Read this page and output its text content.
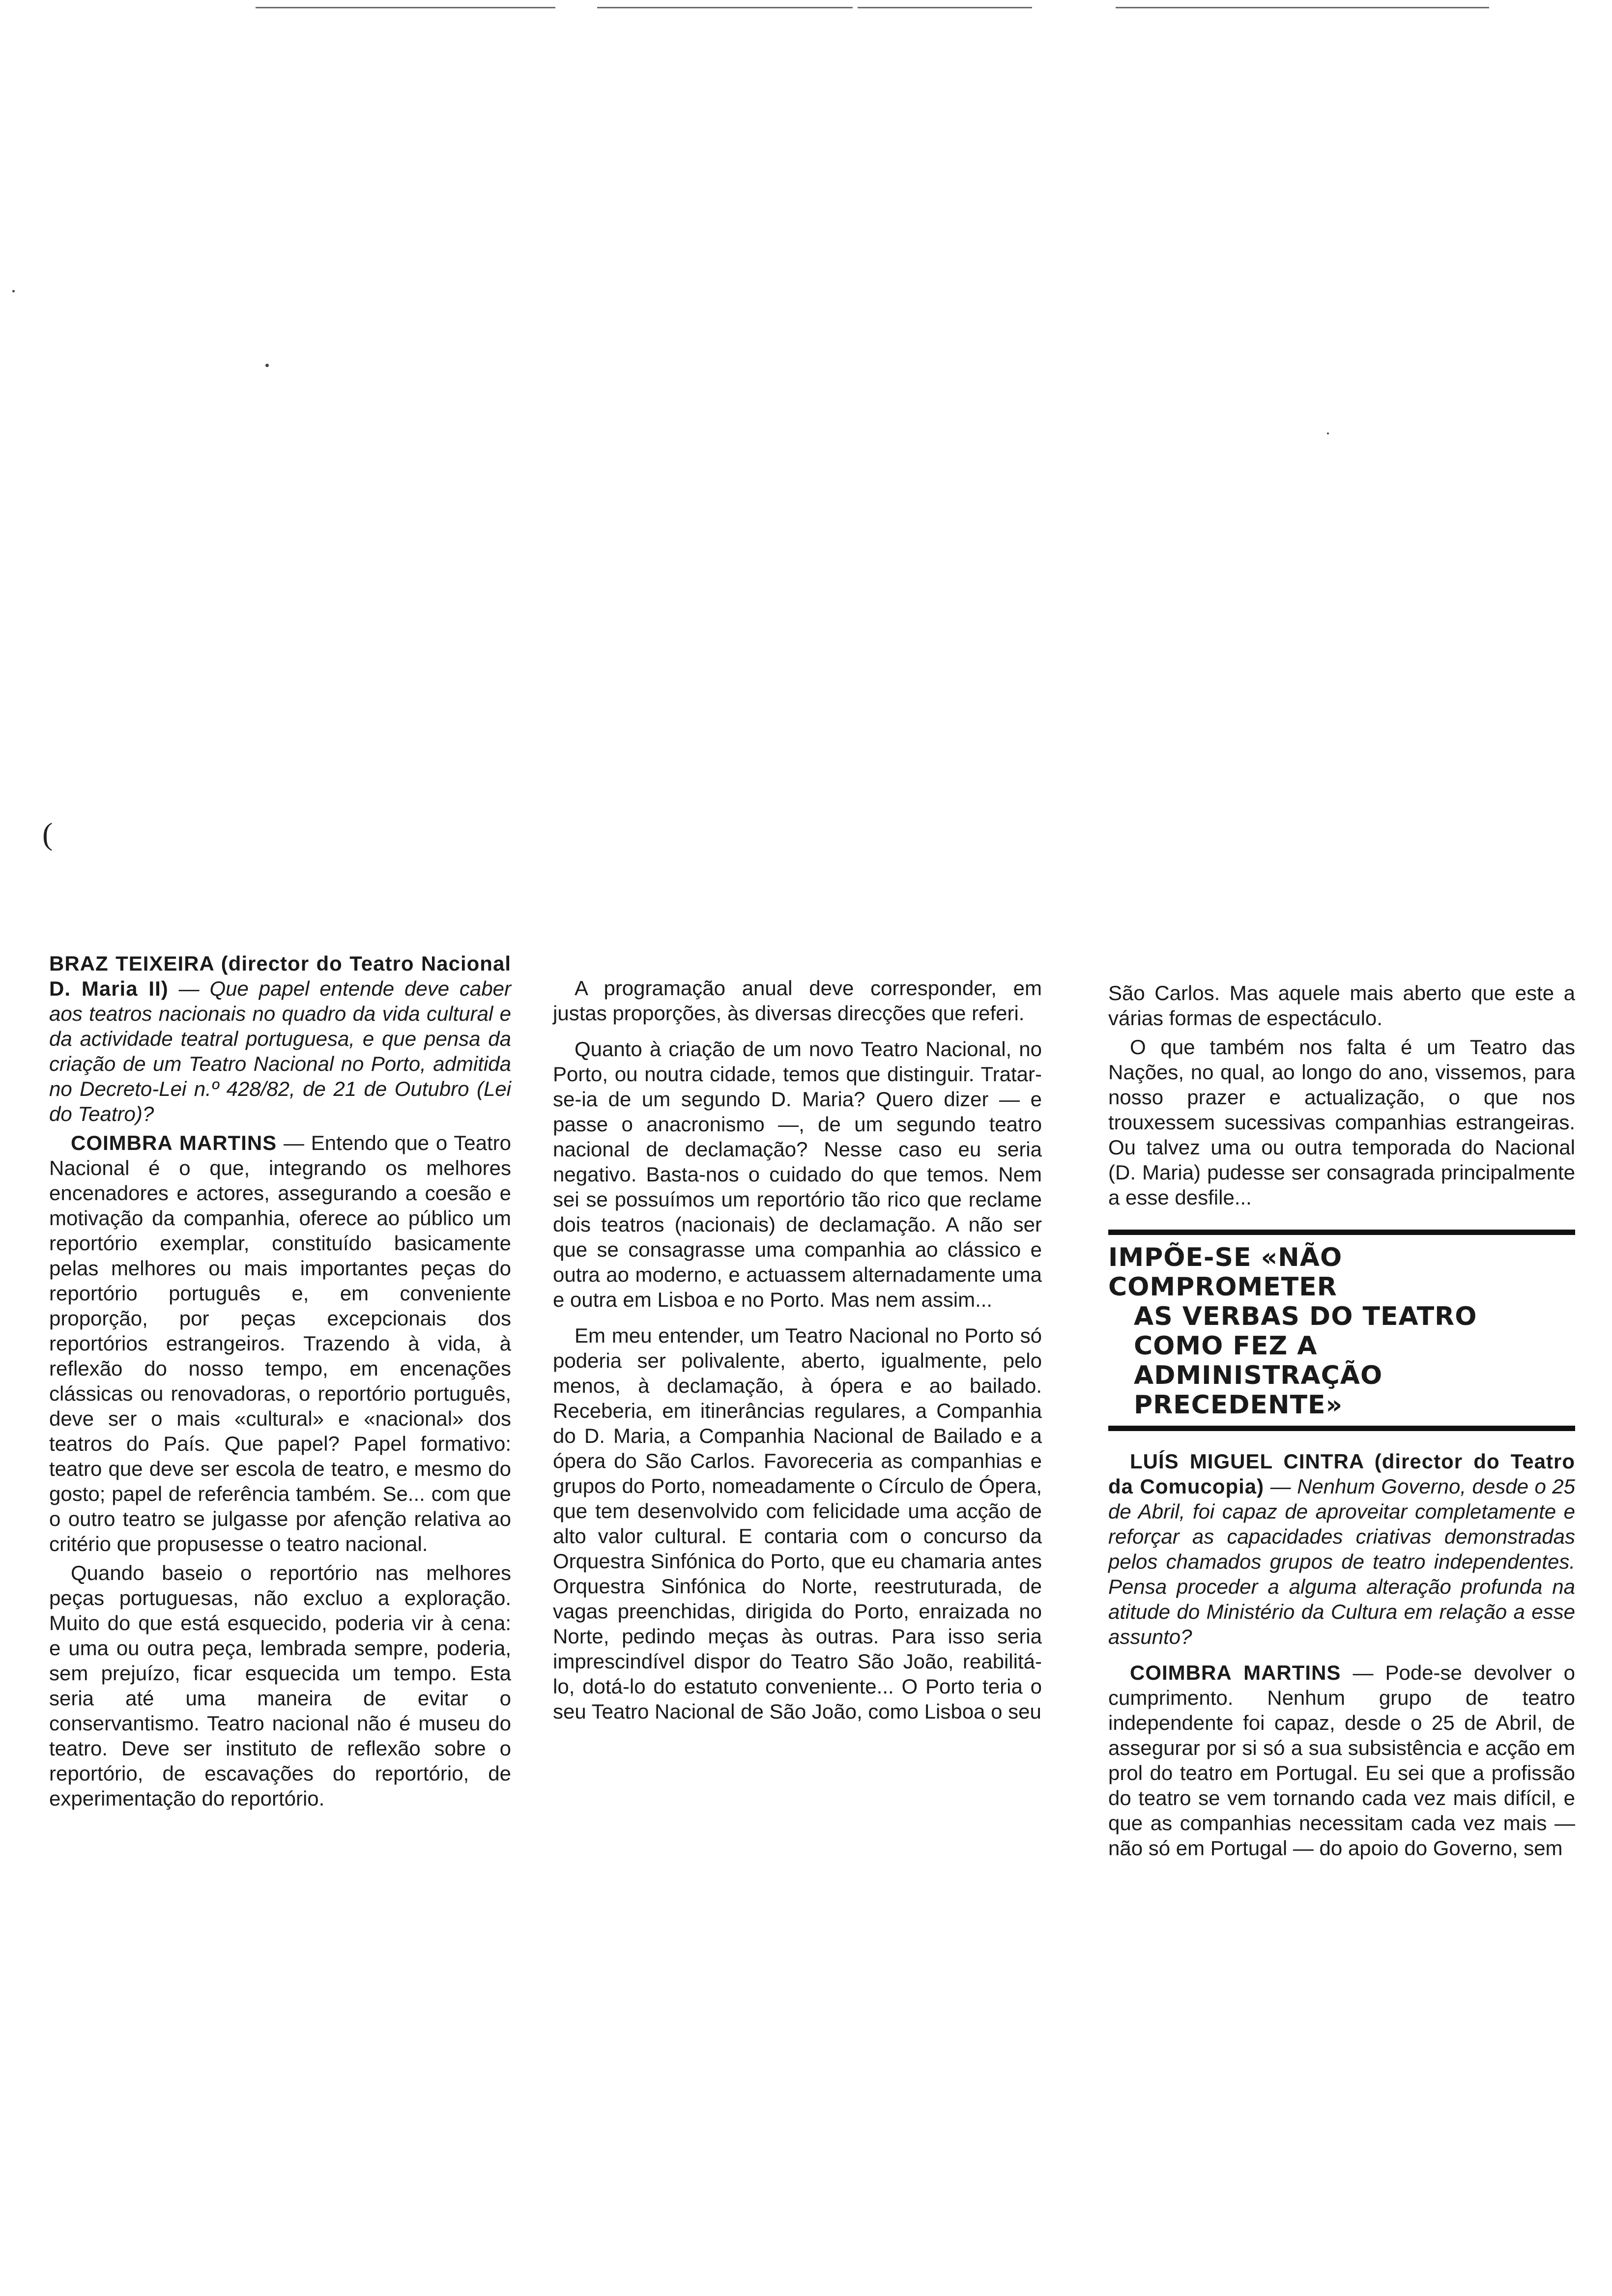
(

BRAZ TEIXEIRA (director do Teatro Nacional D. Maria II) — Que papel entende deve caber aos teatros nacionais no quadro da vida cultural e da actividade teatral portuguesa, e que pensa da criação de um Teatro Nacional no Porto, admitida no Decreto-Lei n.º 428/82, de 21 de Outubro (Lei do Teatro)?

COIMBRA MARTINS — Entendo que o Teatro Nacional é o que, integrando os melhores encenadores e actores, assegurando a coesão e motivação da companhia, oferece ao público um reportório exemplar, constituído basicamente pelas melhores ou mais importantes peças do reportório português e, em conveniente proporção, por peças excepcionais dos reportórios estrangeiros. Trazendo à vida, à reflexão do nosso tempo, em encenações clássicas ou renovadoras, o reportório português, deve ser o mais «cultural» e «nacional» dos teatros do País. Que papel? Papel formativo: teatro que deve ser escola de teatro, e mesmo do gosto; papel de referência também. Se... com que o outro teatro se julgasse por afenção relativa ao critério que propusesse o teatro nacional.

Quando baseio o reportório nas melhores peças portuguesas, não excluo a exploração. Muito do que está esquecido, poderia vir à cena: e uma ou outra peça, lembrada sempre, poderia, sem prejuízo, ficar esquecida um tempo. Esta seria até uma maneira de evitar o conservantismo. Teatro nacional não é museu do teatro. Deve ser instituto de reflexão sobre o reportório, de escavações do reportório, de experimentação do reportório.

A programação anual deve corresponder, em justas proporções, às diversas direcções que referi.

Quanto à criação de um novo Teatro Nacional, no Porto, ou noutra cidade, temos que distinguir. Tratar-se-ia de um segundo D. Maria? Quero dizer — e passe o anacronismo —, de um segundo teatro nacional de declamação? Nesse caso eu seria negativo. Basta-nos o cuidado do que temos. Nem sei se possuímos um reportório tão rico que reclame dois teatros (nacionais) de declamação. A não ser que se consagrasse uma companhia ao clássico e outra ao moderno, e actuassem alternadamente uma e outra em Lisboa e no Porto. Mas nem assim...

Em meu entender, um Teatro Nacional no Porto só poderia ser polivalente, aberto, igualmente, pelo menos, à declamação, à ópera e ao bailado. Receberia, em itinerâncias regulares, a Companhia do D. Maria, a Companhia Nacional de Bailado e a ópera do São Carlos. Favoreceria as companhias e grupos do Porto, nomeadamente o Círculo de Ópera, que tem desenvolvido com felicidade uma acção de alto valor cultural. E contaria com o concurso da Orquestra Sinfónica do Porto, que eu chamaria antes Orquestra Sinfónica do Norte, reestruturada, de vagas preenchidas, dirigida do Porto, enraizada no Norte, pedindo meças às outras. Para isso seria imprescindível dispor do Teatro São João, reabilitá-lo, dotá-lo do estatuto conveniente... O Porto teria o seu Teatro Nacional de São João, como Lisboa o seu

São Carlos. Mas aquele mais aberto que este a várias formas de espectáculo.

O que também nos falta é um Teatro das Nações, no qual, ao longo do ano, vissemos, para nosso prazer e actualização, o que nos trouxessem sucessivas companhias estrangeiras. Ou talvez uma ou outra temporada do Nacional (D. Maria) pudesse ser consagrada principalmente a esse desfile...

IMPÕE-SE «NÃO COMPROMETER
AS VERBAS DO TEATRO
COMO FEZ A ADMINISTRAÇÃO
PRECEDENTE»

LUÍS MIGUEL CINTRA (director do Teatro da Comucopia) — Nenhum Governo, desde o 25 de Abril, foi capaz de aproveitar completamente e reforçar as capacidades criativas demonstradas pelos chamados grupos de teatro independentes. Pensa proceder a alguma alteração profunda na atitude do Ministério da Cultura em relação a esse assunto?

COIMBRA MARTINS — Pode-se devolver o cumprimento. Nenhum grupo de teatro independente foi capaz, desde o 25 de Abril, de assegurar por si só a sua subsistência e acção em prol do teatro em Portugal. Eu sei que a profissão do teatro se vem tornando cada vez mais difícil, e que as companhias necessitam cada vez mais — não só em Portugal — do apoio do Governo, sem
